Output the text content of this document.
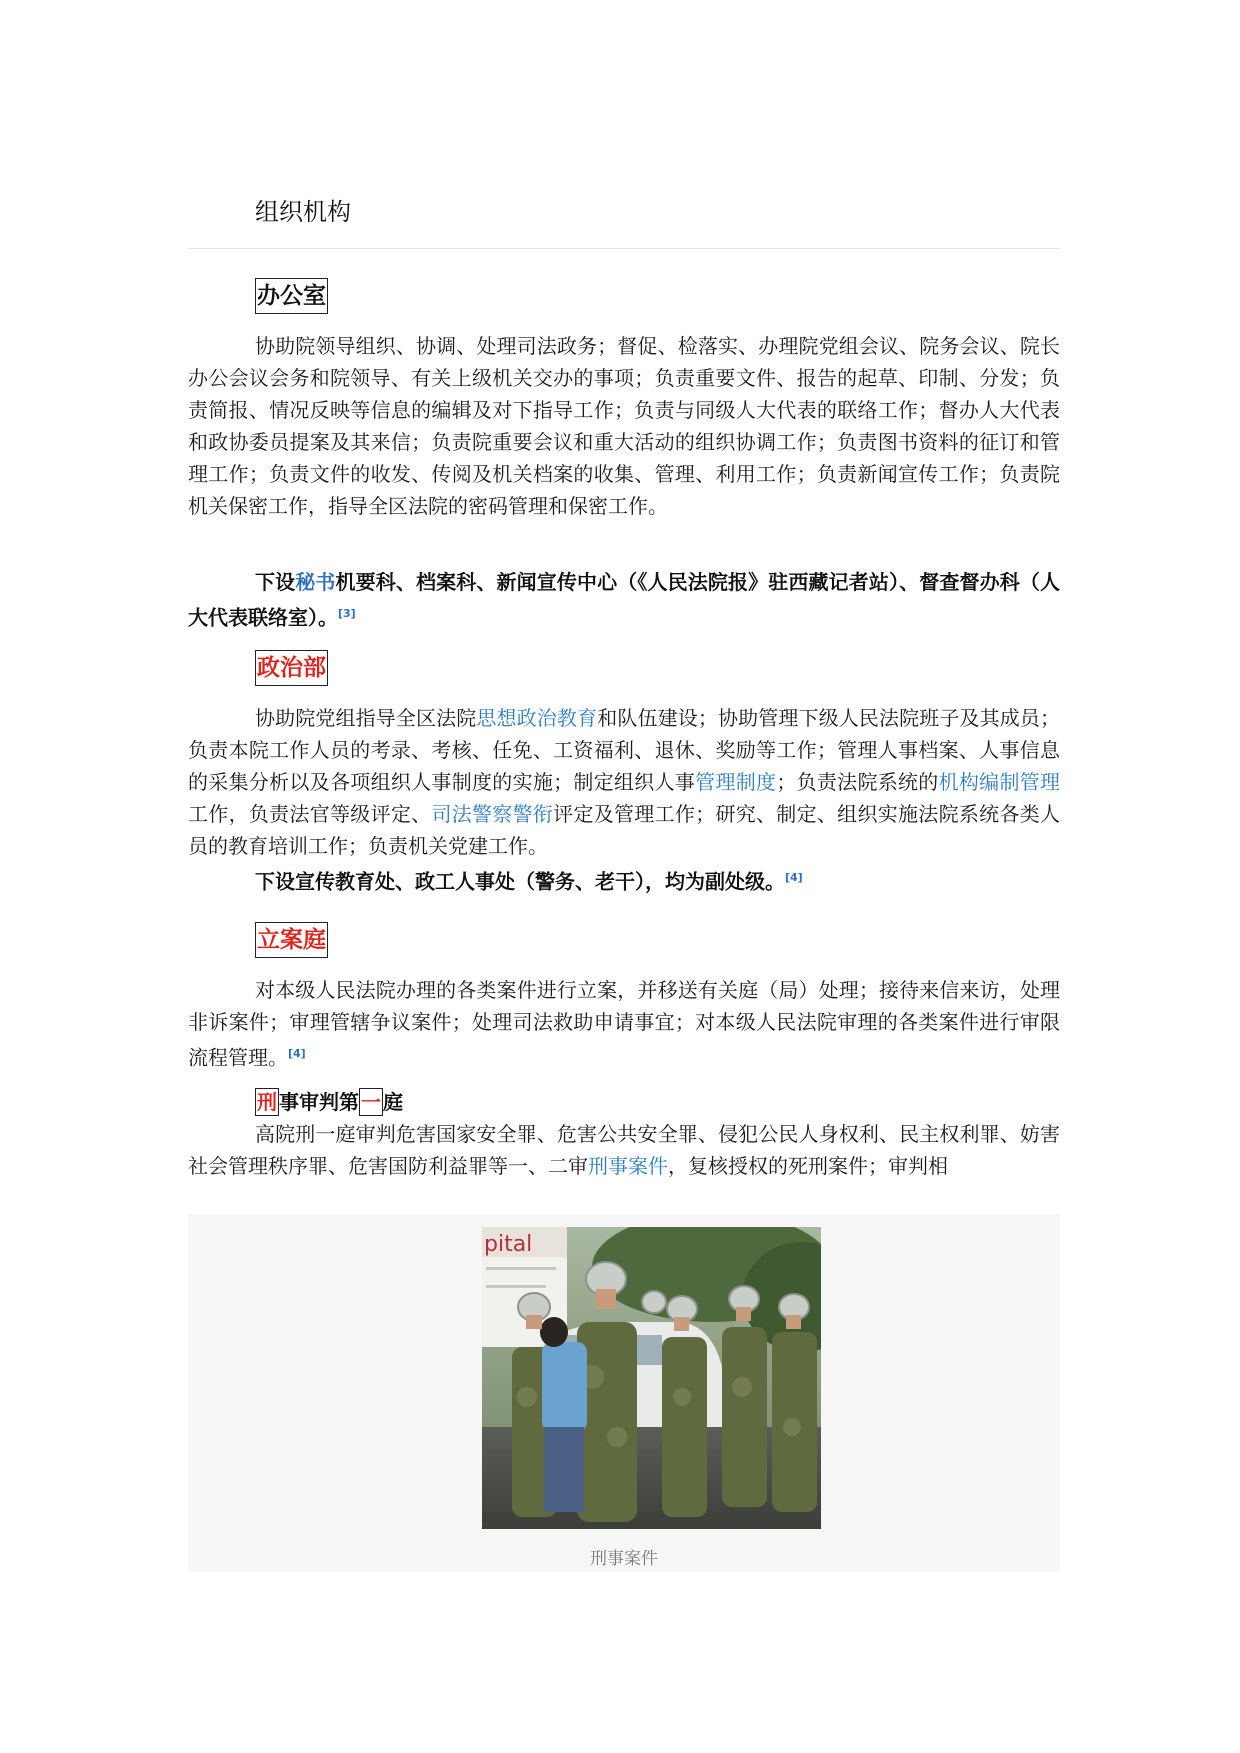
组织机构
办公室

协助院领导组织、协调、处理司法政务；督促、检落实、办理院党组会议、院务会议、院长办公会议会务和院领导、有关上级机关交办的事项；负责重要文件、报告的起草、印制、分发；负责简报、情况反映等信息的编辑及对下指导工作；负责与同级人大代表的联络工作；督办人大代表和政协委员提案及其来信；负责院重要会议和重大活动的组织协调工作；负责图书资料的征订和管理工作；负责文件的收发、传阅及机关档案的收集、管理、利用工作；负责新闻宣传工作；负责院机关保密工作，指导全区法院的密码管理和保密工作。

下设秘书机要科、档案科、新闻宣传中心（《人民法院报》驻西藏记者站）、督查督办科（人大代表联络室）。[3]

政治部

协助院党组指导全区法院思想政治教育和队伍建设；协助管理下级人民法院班子及其成员；负责本院工作人员的考录、考核、任免、工资福利、退休、奖励等工作；管理人事档案、人事信息的采集分析以及各项组织人事制度的实施；制定组织人事管理制度；负责法院系统的机构编制管理工作，负责法官等级评定、司法警察警衔评定及管理工作；研究、制定、组织实施法院系统各类人员的教育培训工作；负责机关党建工作。

下设宣传教育处、政工人事处（警务、老干），均为副处级。[4]

立案庭

对本级人民法院办理的各类案件进行立案，并移送有关庭（局）处理；接待来信来访，处理非诉案件；审理管辖争议案件；处理司法救助申请事宜；对本级人民法院审理的各类案件进行审限流程管理。[4]

刑 事审判第 一 庭

高院刑一庭审判危害国家安全罪、危害公共安全罪、侵犯公民人身权利、民主权利罪、妨害社会管理秩序罪、危害国防利益罪等一、二审刑事案件，复核授权的死刑案件；审判相

pital

刑事案件
